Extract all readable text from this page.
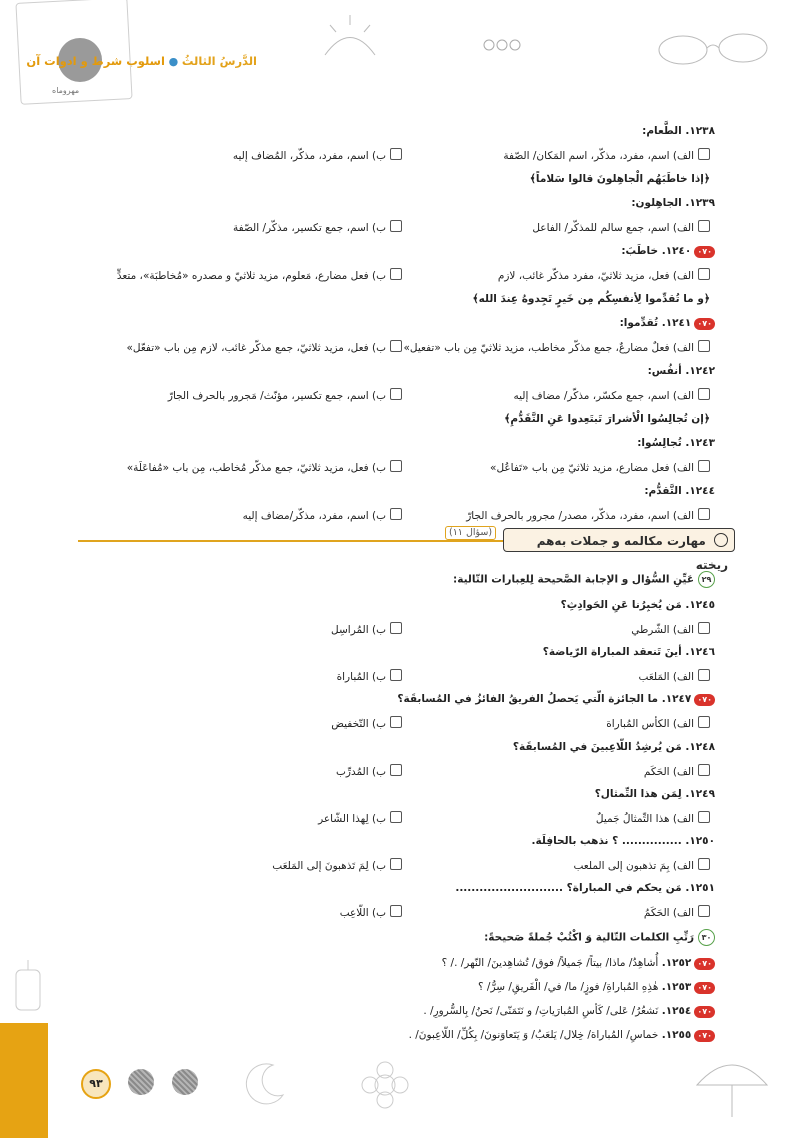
مهروماه
الدَّرسُ الثالثُ ● اسلوب شرط و ادوات آن
١٢٣٨. الطَّعام:
الف) اسم، مفرد، مذکّر، اسم المَکان/ الصّفة
ب) اسم، مفرد، مذکّر، المُضاف إليه
﴿إذا خاطَبَهُم الْجاهِلونَ قالوا سَلاماً﴾
١٢٣٩. الجاهِلون:
الف) اسم، جمع سالم للمذکّر/ الفاعل
ب) اسم، جمع تکسیر، مذکّر/ الصّفة
٠٧٠١٢٤٠. خاطَبَ:
الف) فعل، مزید ثلاثيّ، مفرد مذکّر غائب، لازم
ب) فعل مضارع، مَعلوم، مزید ثلاثيّ و مصدره «مُخاطبَة»، متعدٍّ
﴿و ما تُقدِّموا لِأنفسِكُم مِن خَيرٍ تَجِدوهُ عِندَ الله﴾
٠٧٠١٢٤١. تُقدِّموا:
الف) فعلٌ مضارعٌ، جمع مذکّر مخاطب، مزید ثلاثيّ مِن باب «تفعیل»
ب) فعل، مزید ثلاثيّ، جمع مذکّر غائب، لازم مِن باب «تفعّل»
١٢٤٢. أنفُس:
الف) اسم، جمع مکسّر، مذکّر/ مضاف إليه
ب) اسم، جمع تکسیر، مؤنّث/ مَجرور بالحرف الجارّ
﴿إن تُجالِسُوا الْأشرارَ تَبتَعِدوا عَنِ التَّقَدُّمِ﴾
١٢٤٣. تُجالِسُوا:
الف) فعل مضارع، مزید ثلاثيّ مِن باب «تَفاعُل»
ب) فعل، مزید ثلاثيّ، جمع مذکّر مُخاطب، مِن باب «مُفاعَلَة»
١٢٤٤. التَّقدُّم:
الف) اسم، مفرد، مذکّر، مصدر/ مجرور بالحرف الجارّ
ب) اسم، مفرد، مذکّر/مضاف إليه
٢٩عَيِّنِ السُّؤال و الإجابة الصَّحيحة لِلعِبارات التّالية:
١٢٤٥. مَن يُخبِرُنا عَنِ الحَوادِثِ؟
الف) الشّرطي
ب) المُراسِل
١٢٤٦. أينَ تَنعقد المباراة الرّياضة؟
الف) المَلعَب
ب) المُباراة
٠٧٠١٢٤٧. ما الجائزة الّتي يَحصلُ الفريقُ الفائزُ في المُسابقَة؟
الف) الكأس المُباراة
ب) التّخفيض
١٢٤٨. مَن يُرشِدُ اللّاعِبينَ في المُسابقَة؟
الف) الحَكَم
ب) المُدرِّب
١٢٤٩. لِمَن هذا التِّمثال؟
الف) هذا التِّمثالُ جَميلٌ
ب) لِهذا الشّاعر
١٢٥٠. ............... ؟ نذهب بالحافِلَة.
الف) بِمَ تذهبون إلى الملعب
ب) لِمَ تَذهبونَ إلى المَلعَب
١٢٥١. مَن يحكم في المباراة؟ ...........................
الف) الحَكَمُ
ب) اللّاعِب
٣٠رَتِّبِ الكلمات التّالية وَ اكْتُبْ جُملةً صَحيحةً:
٠٧٠١٢٥٢. أُشاهِدُ/ ماذا/ بيتاً/ جَميلاً/ فوق/ تُشاهِدينَ/ النّهر/ ./ ؟
٠٧٠١٢٥٣. هٰذِهِ المُباراةِ/ فوزٍ/ ما/ في/ الْفَريقِ/ سِرُّ/ ؟
٠٧٠١٢٥٤. نَشعُرُ/ عَلى/ كَأسِ المُبارَياتِ/ و نَتَمَنّى/ نَحنُ/ بِالسُّرورِ/ .
٠٧٠١٢٥٥. خماسِ/ المُباراة/ خِلال/ يَلعَبُ/ وَ يَتَعاوَنونَ/ بِكُلِّ/ اللّاعِبونَ/ .
(۱۱ سؤال)
مهارت مکالمه و جملات به‌هم ریخته
٩٣
